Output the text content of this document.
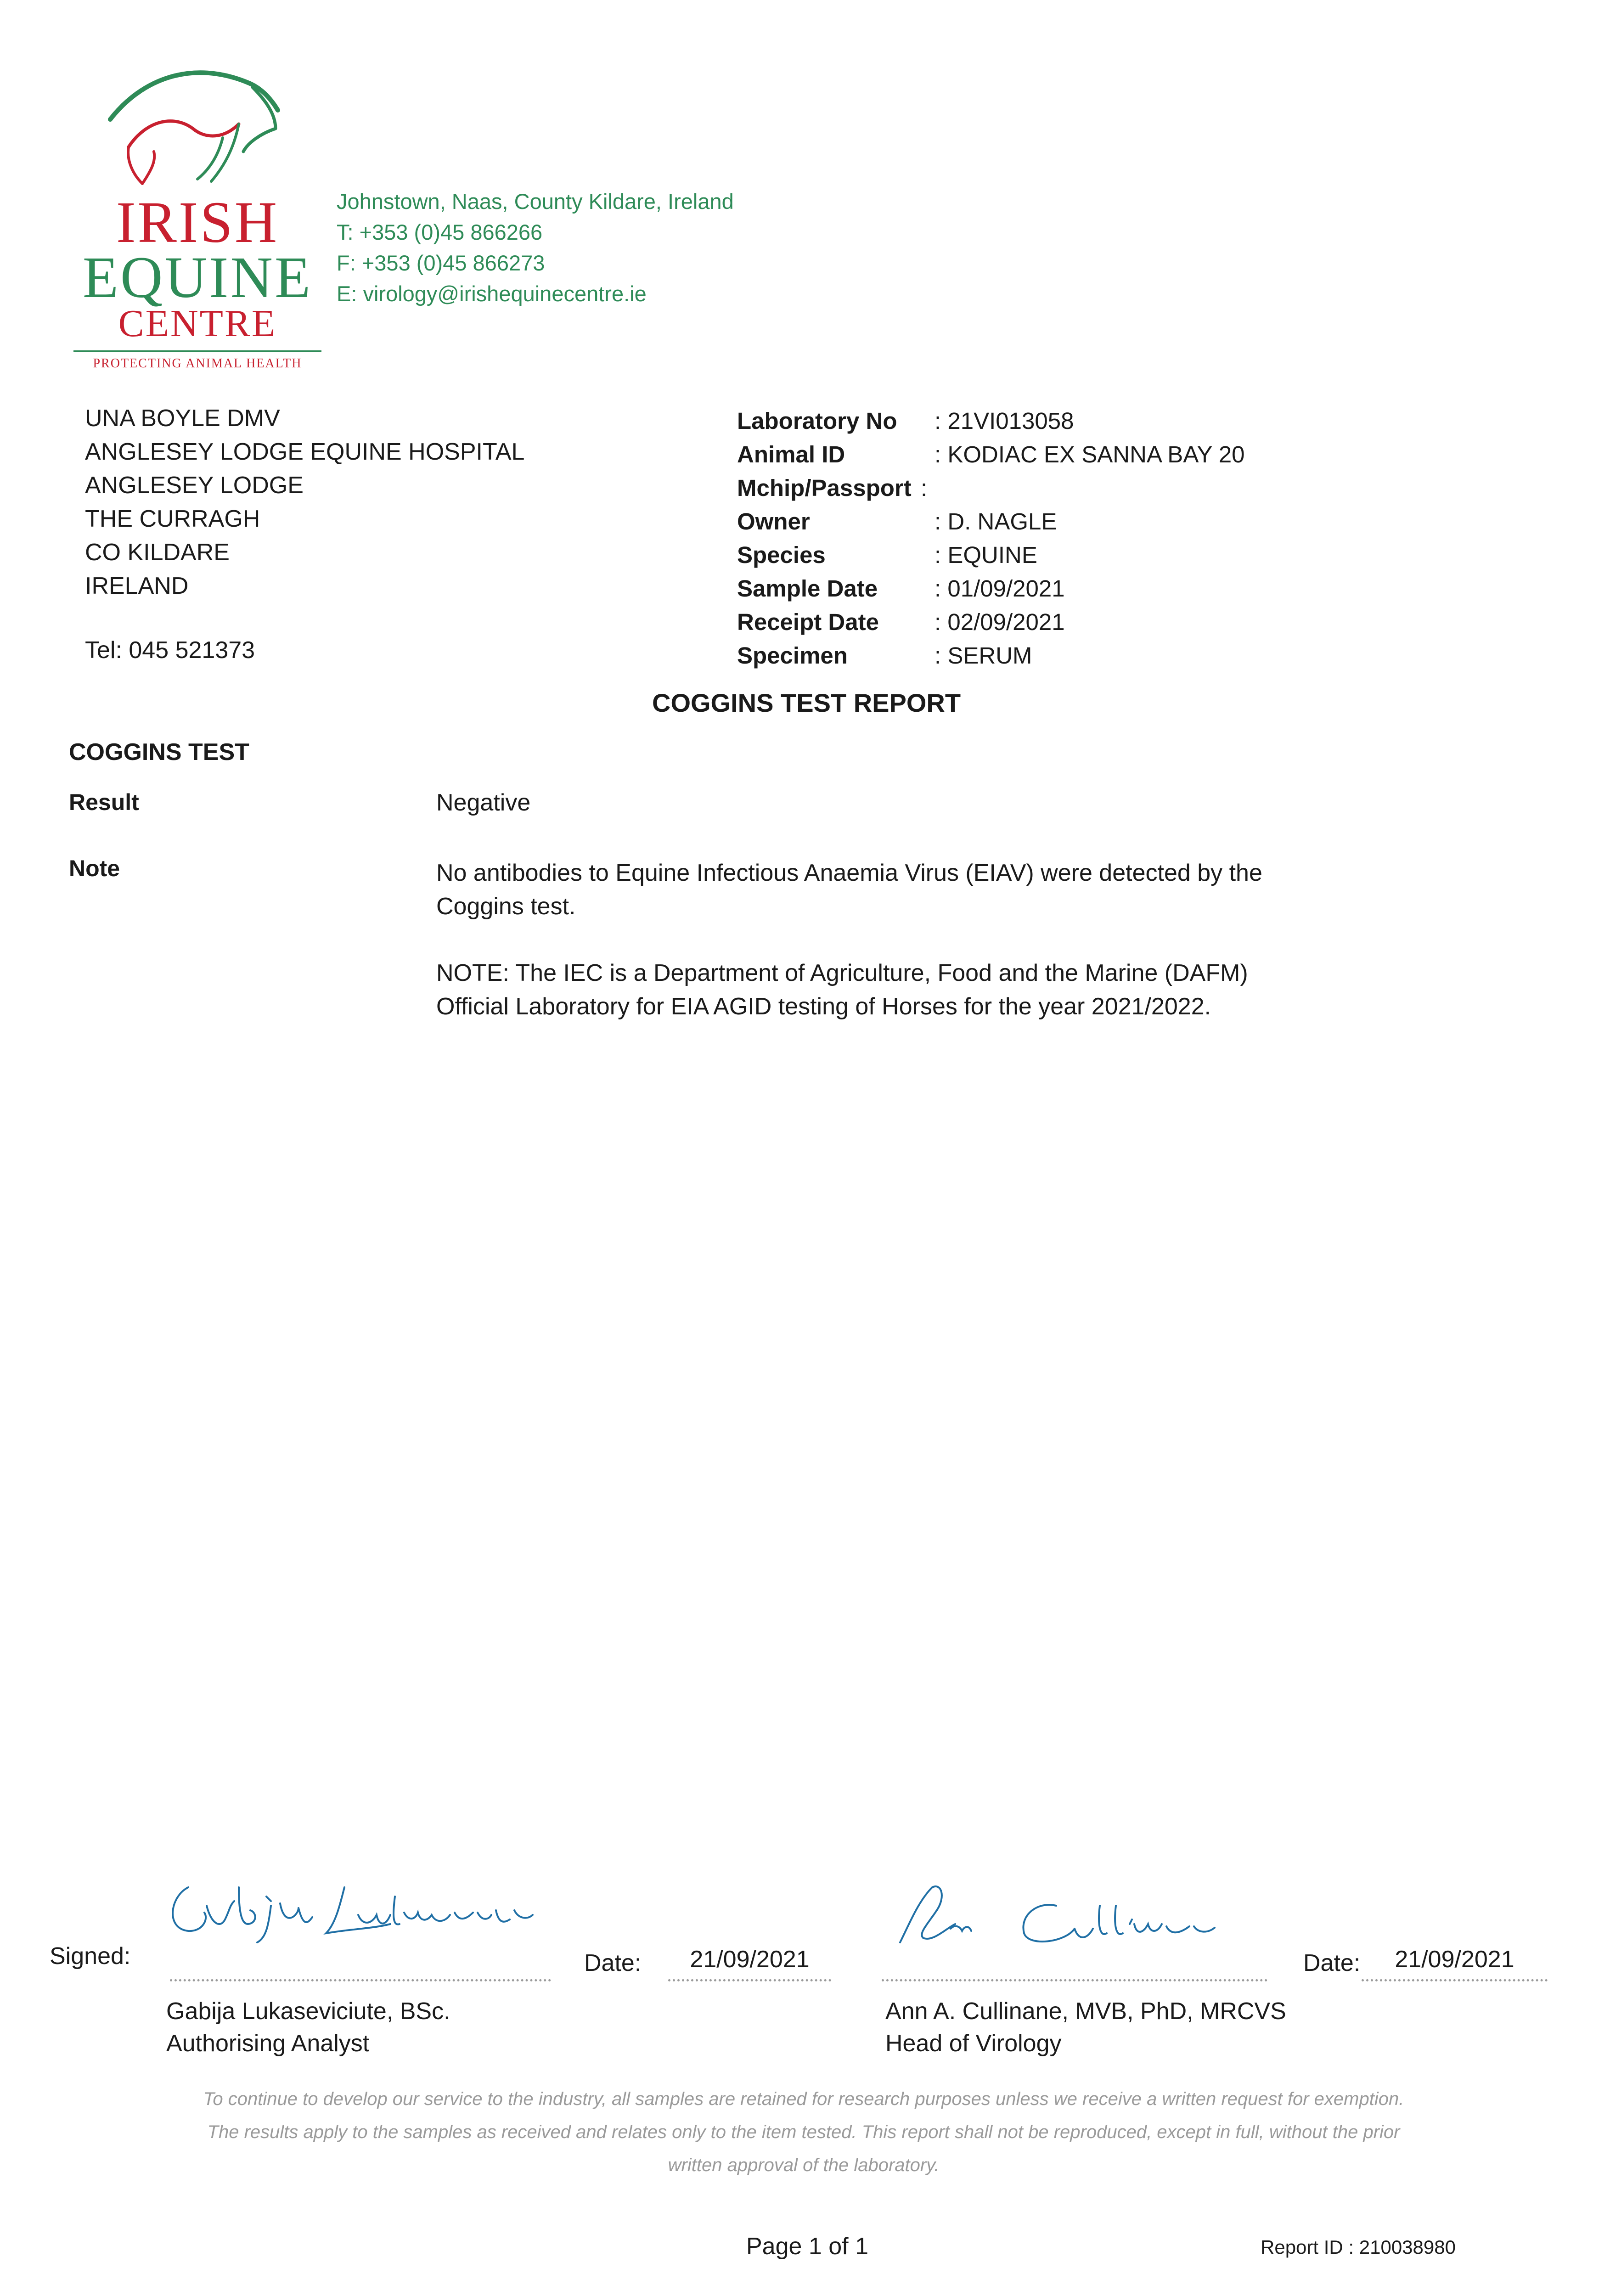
IRISH
EQUINE
CENTRE
PROTECTING ANIMAL HEALTH
Johnstown, Naas, County Kildare, Ireland
T: +353 (0)45 866266
F: +353 (0)45 866273
E: virology@irishequinecentre.ie
UNA BOYLE DMV
ANGLESEY LODGE EQUINE HOSPITAL
ANGLESEY LODGE
THE CURRAGH
CO KILDARE
IRELAND
Tel: 045 521373
Laboratory No : 21VI013058
Animal ID	: KODIAC EX SANNA BAY 20
Mchip/Passport :
Owner	: D. NAGLE
Species	: EQUINE
Sample Date : 01/09/2021
Receipt Date : 02/09/2021
Specimen	: SERUM
COGGINS TEST REPORT
COGGINS TEST
Result	Negative
Note	No antibodies to Equine Infectious Anaemia Virus (EIAV) were detected by the Coggins test.
NOTE: The IEC is a Department of Agriculture, Food and the Marine (DAFM) Official Laboratory for EIA AGID testing of Horses for the year 2021/2022.
Signed:	Date:	21/09/2021
Gabija Lukaseviciute, BSc.
Authorising Analyst
Date:	21/09/2021
Ann A. Cullinane, MVB, PhD, MRCVS
Head of Virology
To continue to develop our service to the industry, all samples are retained for research purposes unless we receive a written request for exemption.
The results apply to the samples as received and relates only to the item tested. This report shall not be reproduced, except in full, without the prior
written approval of the laboratory.
Page 1 of 1	Report ID : 210038980
